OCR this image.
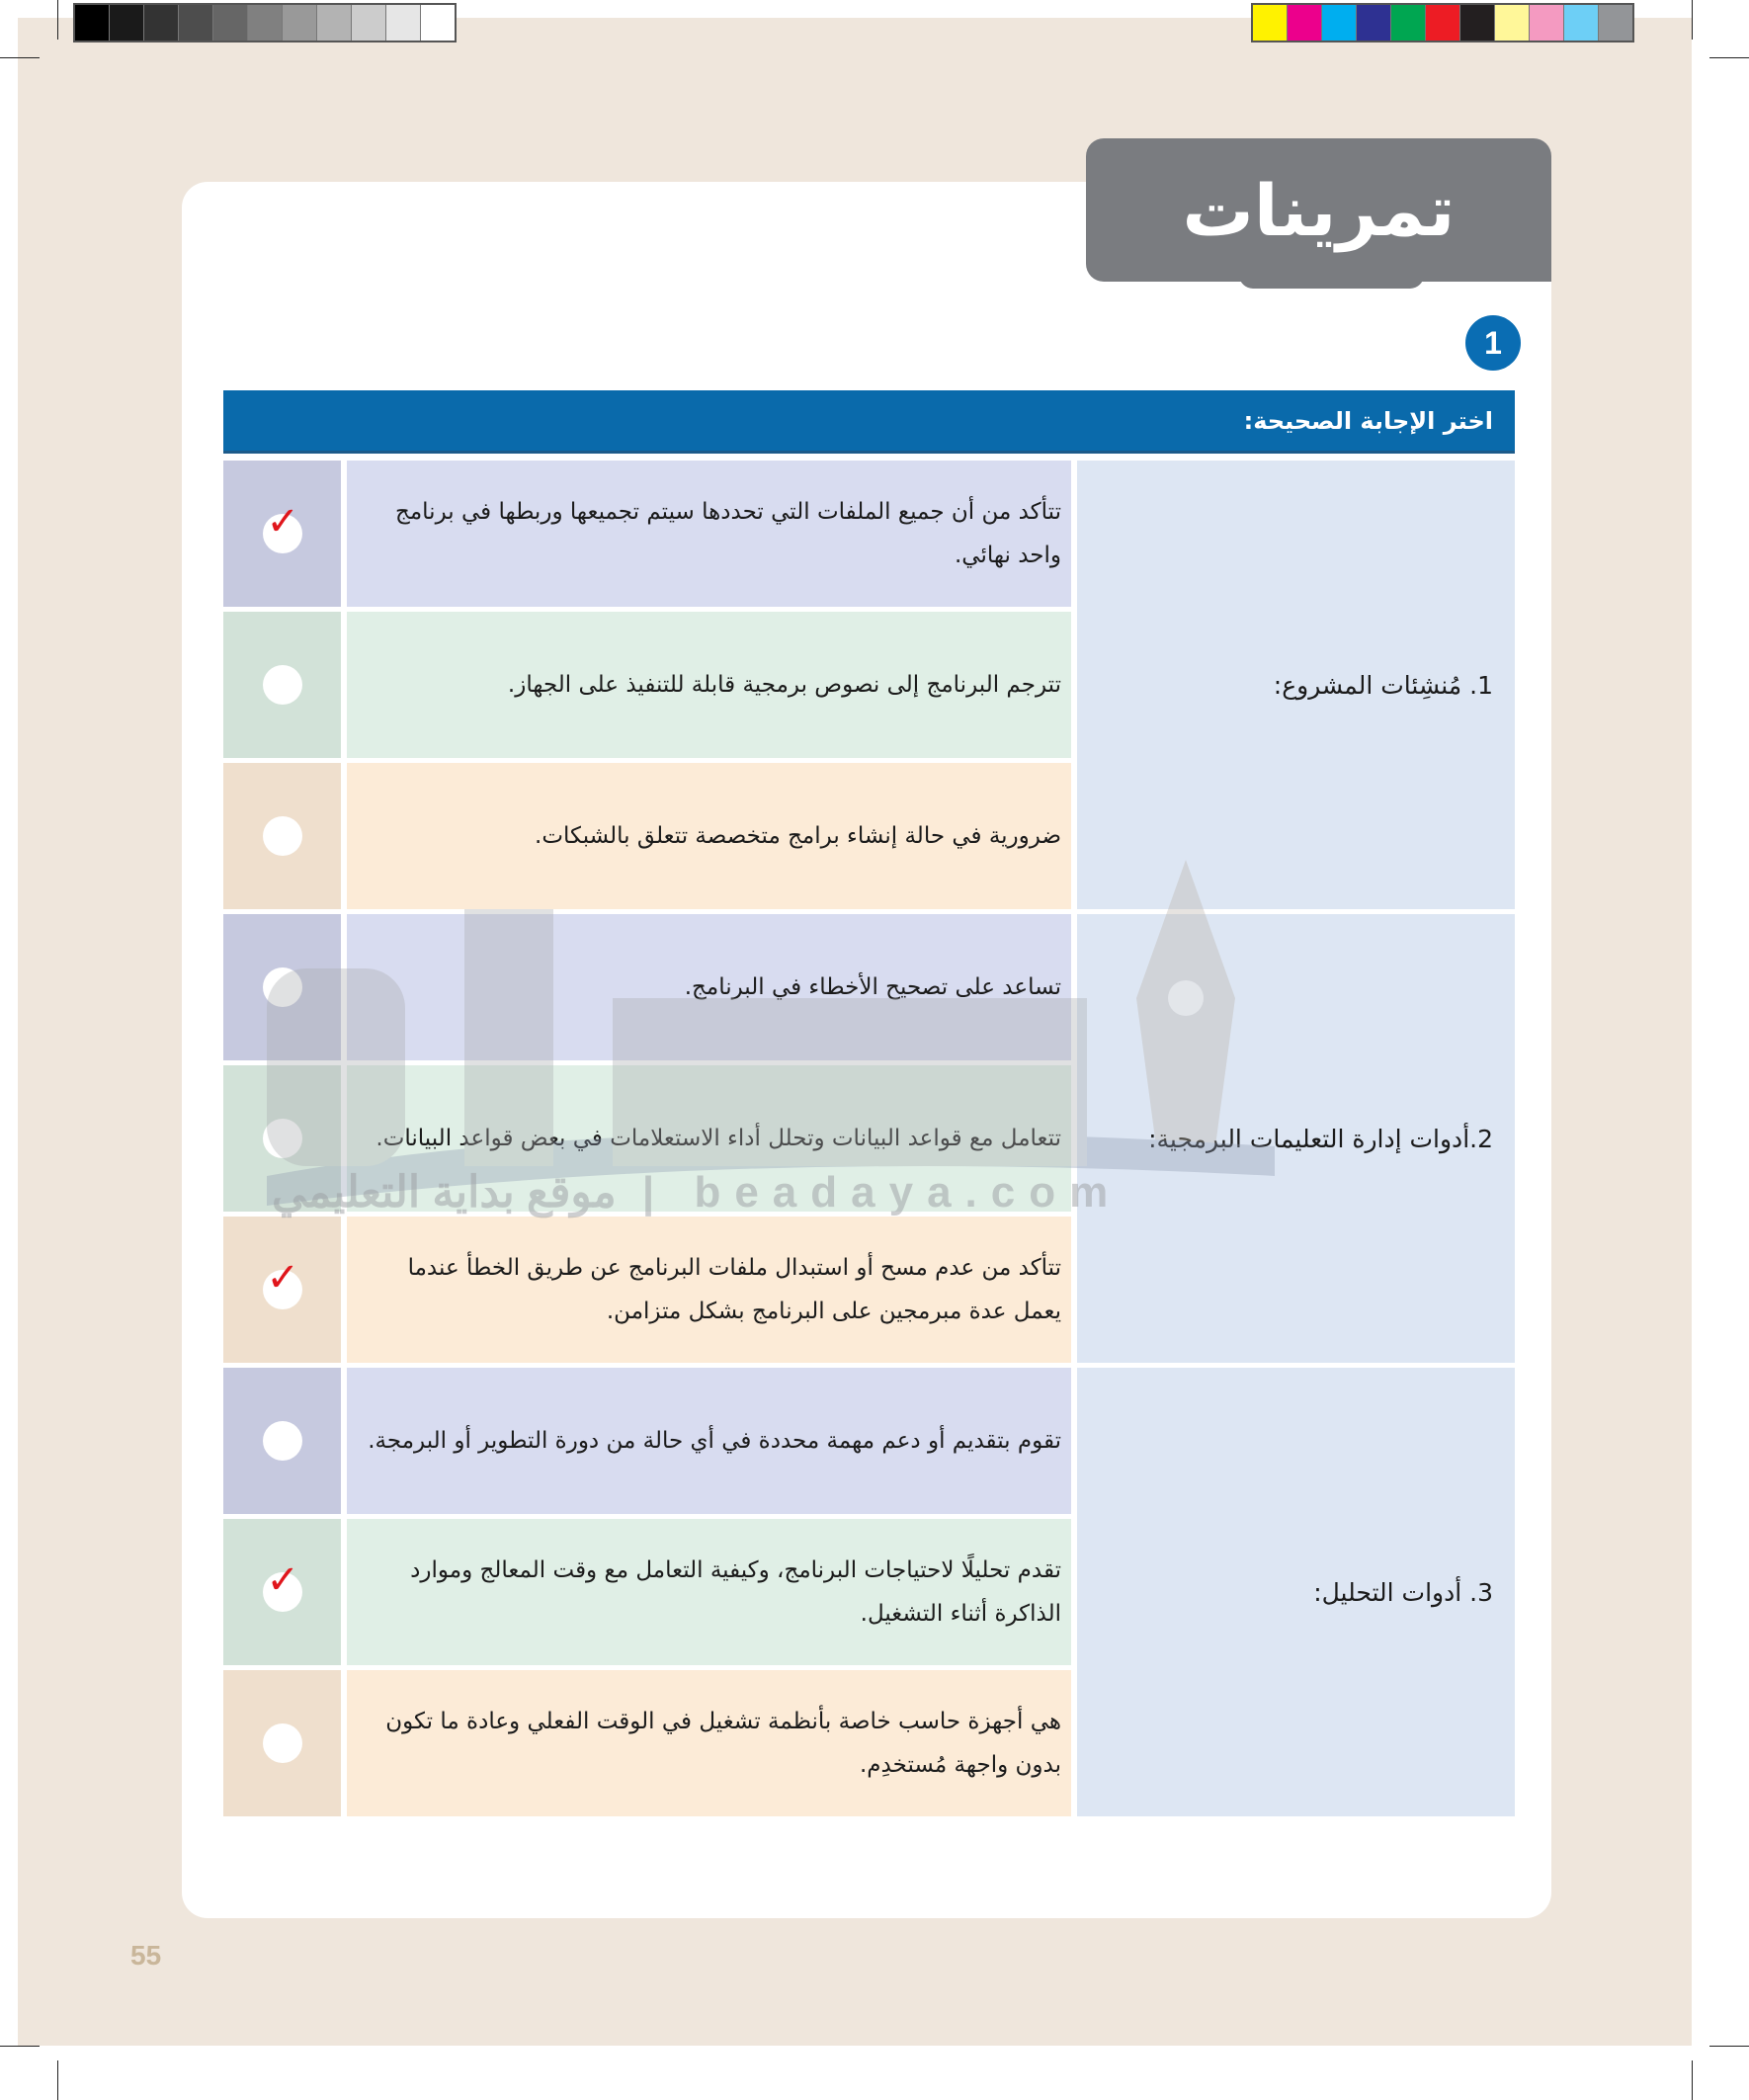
تمرينات
1
اختر الإجابة الصحيحة:
1. مُنشِئات المشروع:
تتأكد من أن جميع الملفات التي تحددها سيتم تجميعها وربطها في برنامج واحد نهائي.
✓
تترجم البرنامج إلى نصوص برمجية قابلة للتنفيذ على الجهاز.
ضرورية في حالة إنشاء برامج متخصصة تتعلق بالشبكات.
2.أدوات إدارة التعليمات البرمجية:
تساعد على تصحيح الأخطاء في البرنامج.
تتعامل مع قواعد البيانات وتحلل أداء الاستعلامات في بعض قواعد البيانات.
تتأكد من عدم مسح أو استبدال ملفات البرنامج عن طريق الخطأ عندما يعمل عدة مبرمجين على البرنامج بشكل متزامن.
✓
3. أدوات التحليل:
تقوم بتقديم أو دعم مهمة محددة في أي حالة من دورة التطوير أو البرمجة.
تقدم تحليلًا لاحتياجات البرنامج، وكيفية التعامل مع وقت المعالج وموارد الذاكرة أثناء التشغيل.
✓
هي أجهزة حاسب خاصة بأنظمة تشغيل في الوقت الفعلي وعادة ما تكون بدون واجهة مُستخدِم.
beadaya.com | موقع بداية التعليمي
55
